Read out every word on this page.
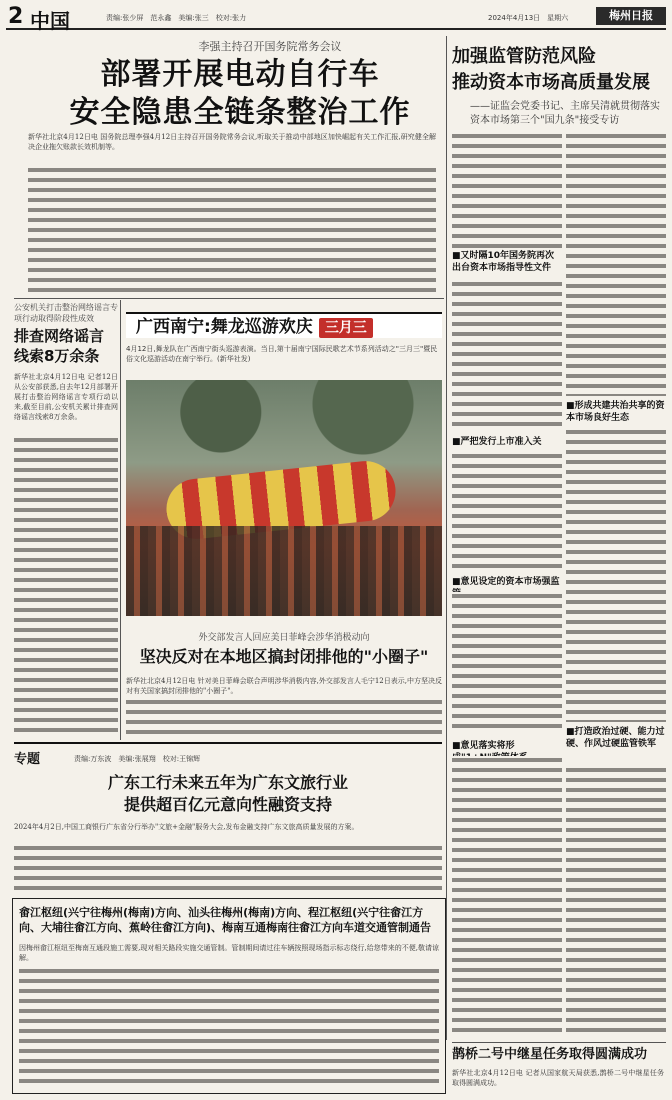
2 中国	责编:张少屏　范永鑫　美编:张三　校对:张力	2024年4月13日　星期六	梅州日报
李强主持召开国务院常务会议
部署开展电动自行车
安全隐患全链条整治工作
新华社北京4月12日电 国务院总理李强4月12日主持召开国务院常务会议,听取关于推动中部地区加快崛起有关工作汇报,研究健全解决企业拖欠账款长效机制等。
加强监管防范风险
推动资本市场高质量发展
——证监会党委书记、主席吴清就贯彻落实资本市场第三个"国九条"接受专访
■又时隔10年国务院再次出台资本市场指导性文件
■严把发行上市准入关
■意见设定的资本市场强监
■形成共建共治共享的资本市场良好生态
■意见落实将形
■打造政治过硬、能力过硬、作风过硬监管铁军
公安机关打击整治网络谣言专项行动取得阶段性成效
排查网络谣言线索8万余条
新华社北京4月12日电 记者12日从公安部获悉,自去年12月部署开展打击整治网络谣言专项行动以来,截至目前,公安机关累计排查网络谣言线索8万余条。
广西南宁:舞龙巡游欢庆 三月三
4月12日,舞龙队在广西南宁街头巡游表演。当日,第十届南宁国际民歌艺术节系列活动之"三月三"暨民俗文化巡游活动在南宁举行。(新华社发)
外交部发言人回应美日菲峰会涉华消极动向
坚决反对在本地区搞封闭排他的"小圈子"
新华社北京4月12日电 针对美日菲峰会联合声明涉华消极内容,外交部发言人毛宁12日表示,中方坚决反对有关国家搞封闭排他的"小圈子"。
专题	责编:万东波　美编:张展翔　校对:王锦辉
广东工行未来五年为广东文旅行业
提供超百亿元意向性融资支持
2024年4月2日,中国工商银行广东省分行举办"文旅+金融"服务大会,发布金融支持广东文旅高质量发展的方案。
畲江枢纽(兴宁往梅州(梅南)方向、汕头往梅州(梅南)方向、程江枢纽(兴宁往畲江方向、大埔往畲江方向、蕉岭往畲江方向)、梅南互通梅南往畲江方向车道交通管制通告
因梅州畲江枢纽至梅南互通段施工需要,现对相关路段实施交通管制。管制期间请过往车辆按照现场指示标志绕行,给您带来的不便,敬请谅解。
鹊桥二号中继星任务取得圆满成功
新华社北京4月12日电 记者从国家航天局获悉,鹊桥二号中继星任务取得圆满成功。
